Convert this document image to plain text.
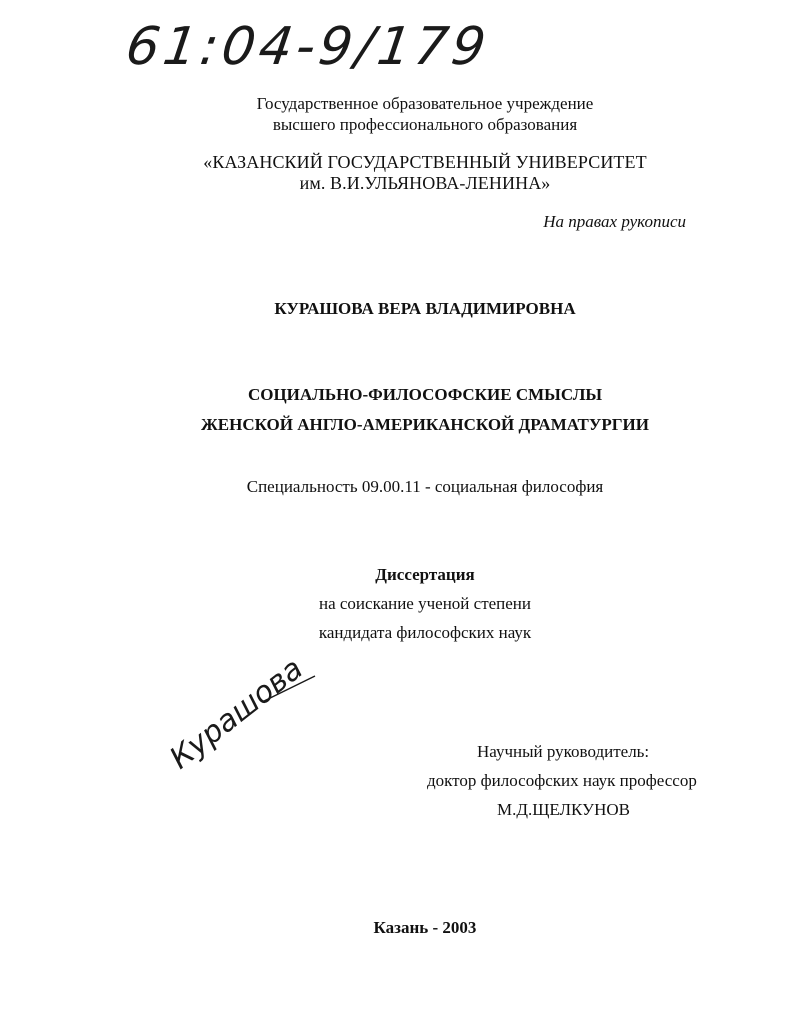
61:04-9/179
Государственное образовательное учреждение
высшего профессионального образования
«КАЗАНСКИЙ ГОСУДАРСТВЕННЫЙ УНИВЕРСИТЕТ
им. В.И.УЛЬЯНОВА-ЛЕНИНА»
На правах рукописи
КУРАШОВА ВЕРА ВЛАДИМИРОВНА
СОЦИАЛЬНО-ФИЛОСОФСКИЕ СМЫСЛЫ
ЖЕНСКОЙ АНГЛО-АМЕРИКАНСКОЙ ДРАМАТУРГИИ
Специальность 09.00.11 - социальная философия
Диссертация
на соискание ученой степени
кандидата философских наук
Курашова	Научный руководитель:
доктор философских наук профессор
М.Д.ЩЕЛКУНОВ
Казань - 2003
